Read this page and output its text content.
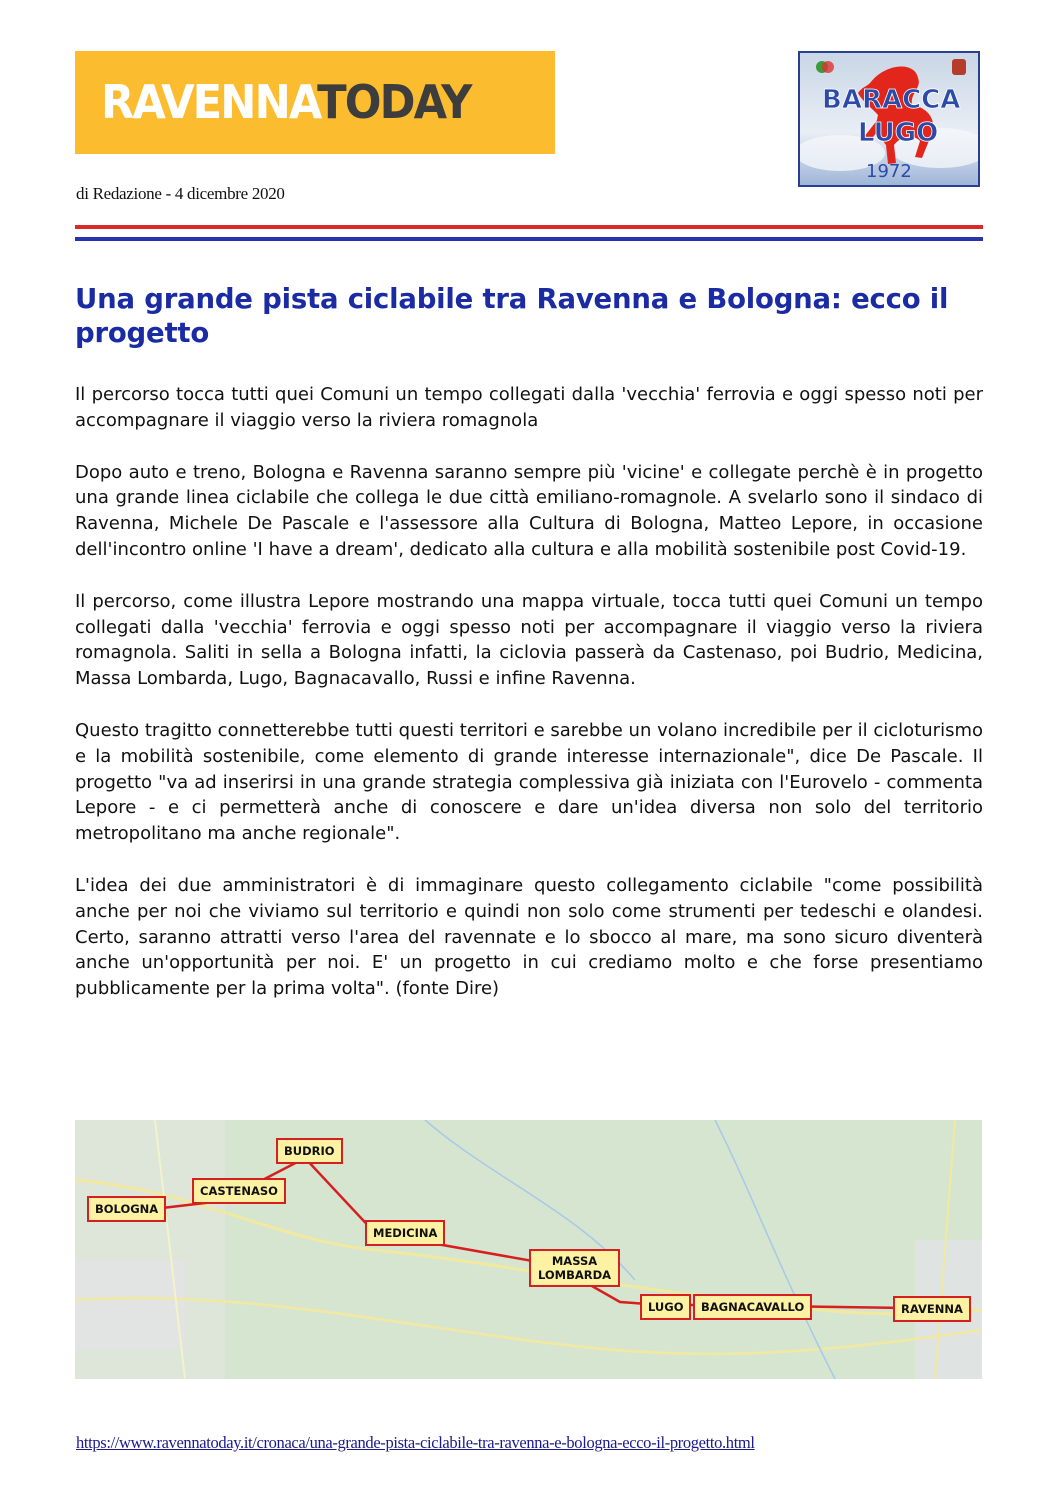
RAVENNATODAY	BARACCA
LUGO
1972
di Redazione - 4 dicembre 2020
Una grande pista ciclabile tra Ravenna e Bologna: ecco il progetto

Il percorso tocca tutti quei Comuni un tempo collegati dalla 'vecchia' ferrovia e oggi spesso noti per accompagnare il viaggio verso la riviera romagnola

Dopo auto e treno, Bologna e Ravenna saranno sempre più 'vicine' e collegate perchè è in progetto una grande linea ciclabile che collega le due città emiliano-romagnole. A svelarlo sono il sindaco di Ravenna, Michele De Pascale e l'assessore alla Cultura di Bologna, Matteo Lepore, in occasione dell'incontro online 'I have a dream', dedicato alla cultura e alla mobilità sostenibile post Covid-19.

Il percorso, come illustra Lepore mostrando una mappa virtuale, tocca tutti quei Comuni un tempo collegati dalla 'vecchia' ferrovia e oggi spesso noti per accompagnare il viaggio verso la riviera romagnola. Saliti in sella a Bologna infatti, la ciclovia passerà da Castenaso, poi Budrio, Medicina, Massa Lombarda, Lugo, Bagnacavallo, Russi e infine Ravenna.

Questo tragitto connetterebbe tutti questi territori e sarebbe un volano incredibile per il cicloturismo e la mobilità sostenibile, come elemento di grande interesse internazionale", dice De Pascale. Il progetto "va ad inserirsi in una grande strategia complessiva già iniziata con l'Eurovelo - commenta Lepore - e ci permetterà anche di conoscere e dare un'idea diversa non solo del territorio metropolitano ma anche regionale".

L'idea dei due amministratori è di immaginare questo collegamento ciclabile "come possibilità anche per noi che viviamo sul territorio e quindi non solo come strumenti per tedeschi e olandesi. Certo, saranno attratti verso l'area del ravennate e lo sbocco al mare, ma sono sicuro diventerà anche un'opportunità per noi. E' un progetto in cui crediamo molto e che forse presentiamo pubblicamente per la prima volta". (fonte Dire)

BOLOGNA
CASTENASO
BUDRIO
MEDICINA
MASSA LOMBARDA
LUGO	BAGNACAVALLO	RAVENNA
https://www.ravennatoday.it/cronaca/una-grande-pista-ciclabile-tra-ravenna-e-bologna-ecco-il-progetto.html
